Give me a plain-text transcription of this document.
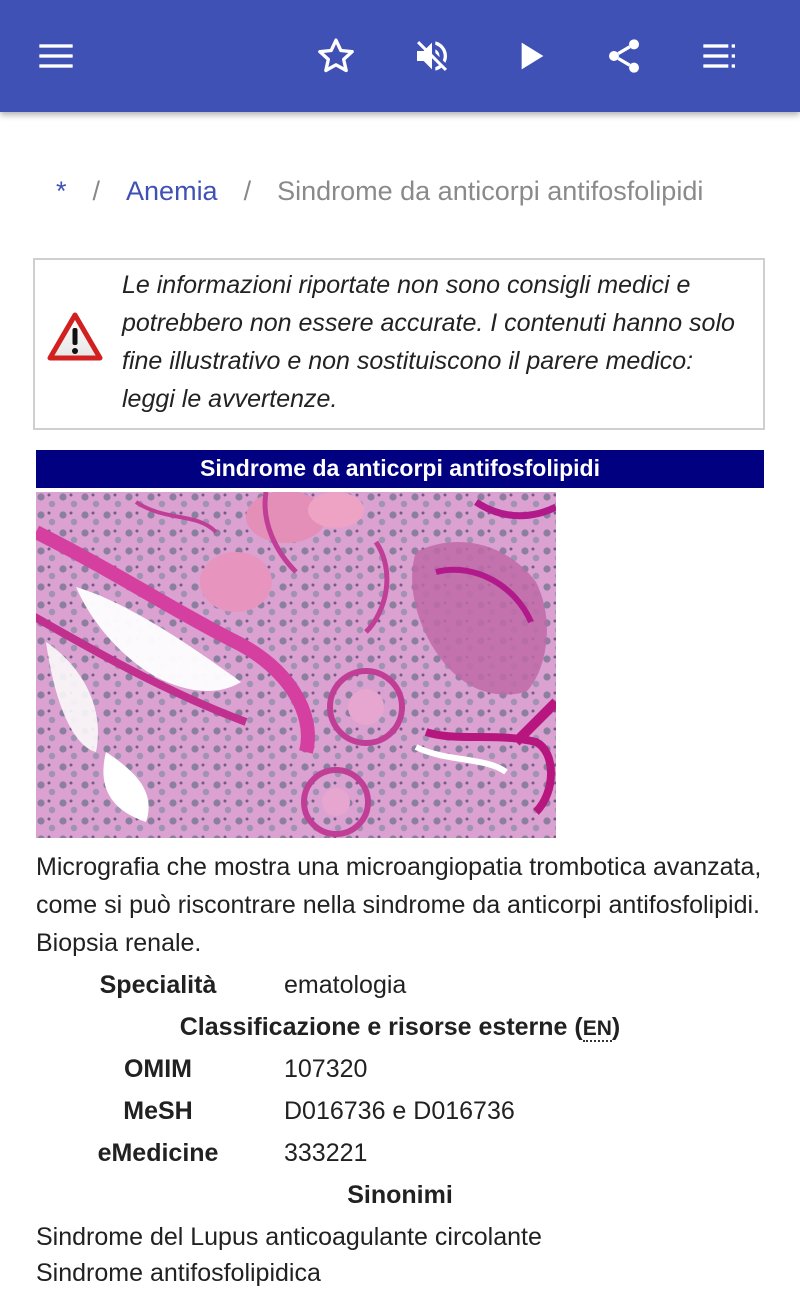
* / Anemia / Sindrome da anticorpi antifosfolipidi
Le informazioni riportate non sono consigli medici e potrebbero non essere accurate. I contenuti hanno solo fine illustrativo e non sostituiscono il parere medico: leggi le avvertenze.
Sindrome da anticorpi antifosfolipidi
Micrografia che mostra una microangiopatia trombotica avanzata, come si può riscontrare nella sindrome da anticorpi antifosfolipidi. Biopsia renale.
Specialità	ematologia
Classificazione e risorse esterne (EN)
OMIM	107320
MeSH	D016736 e D016736
eMedicine	333221
Sinonimi
Sindrome del Lupus anticoagulante circolante
Sindrome antifosfolipidica
